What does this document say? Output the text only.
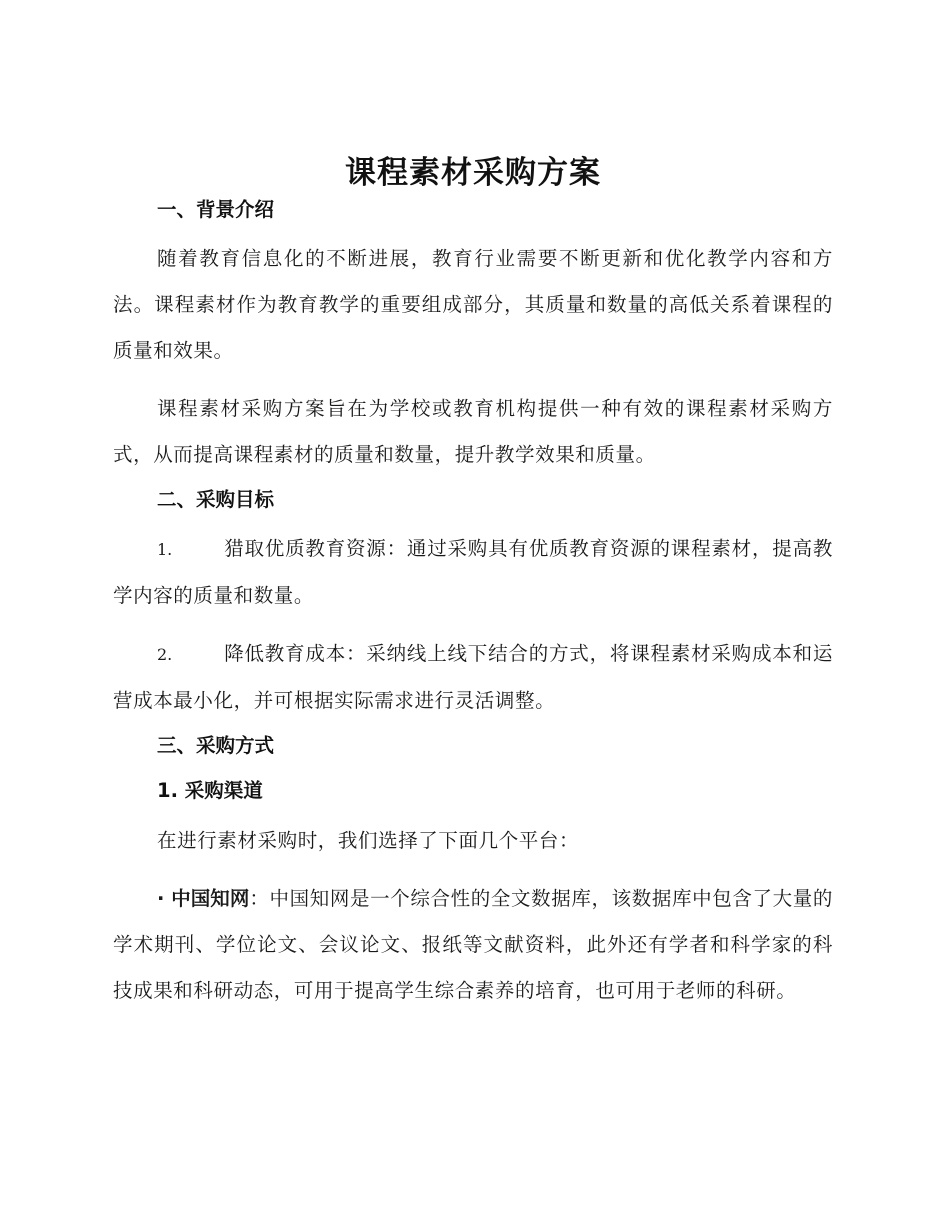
课程素材采购方案
一、背景介绍

随着教育信息化的不断进展，教育行业需要不断更新和优化教学内容和方法。课程素材作为教育教学的重要组成部分，其质量和数量的高低关系着课程的质量和效果。

课程素材采购方案旨在为学校或教育机构提供一种有效的课程素材采购方式，从而提高课程素材的质量和数量，提升教学效果和质量。

二、采购目标

1.	猎取优质教育资源：通过采购具有优质教育资源的课程素材，提高教学内容的质量和数量。

2.	降低教育成本：采纳线上线下结合的方式，将课程素材采购成本和运营成本最小化，并可根据实际需求进行灵活调整。

三、采购方式
1. 采购渠道

在进行素材采购时，我们选择了下面几个平台：

· 中国知网：中国知网是一个综合性的全文数据库，该数据库中包含了大量的学术期刊、学位论文、会议论文、报纸等文献资料，此外还有学者和科学家的科技成果和科研动态，可用于提高学生综合素养的培育，也可用于老师的科研。
